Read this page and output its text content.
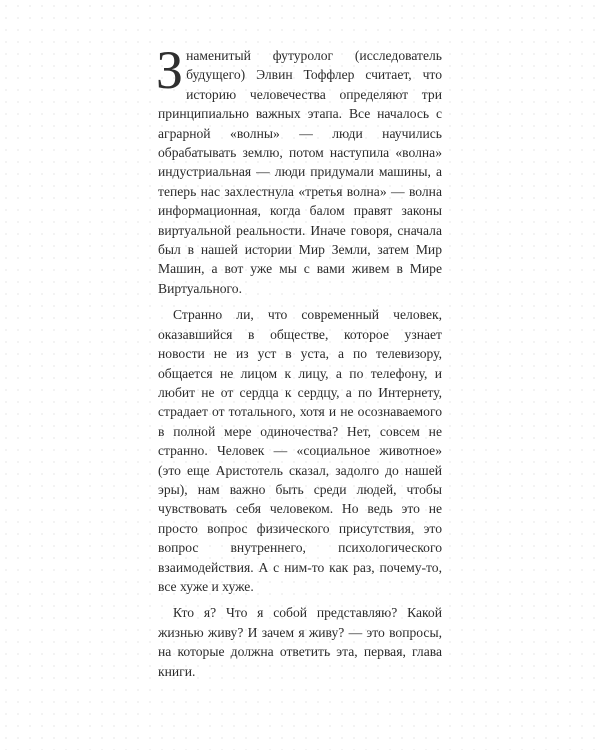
Знаменитый футуролог (исследователь будущего) Элвин Тоффлер считает, что историю человечества определяют три принципиально важных этапа. Все началось с аграрной «волны» — люди научились обрабатывать землю, потом наступила «волна» индустриальная — люди придумали машины, а теперь нас захлестнула «третья волна» — волна информационная, когда балом правят законы виртуальной реальности. Иначе говоря, сначала был в нашей истории Мир Земли, затем Мир Машин, а вот уже мы с вами живем в Мире Виртуального.

Странно ли, что современный человек, оказавшийся в обществе, которое узнает новости не из уст в уста, а по телевизору, общается не лицом к лицу, а по телефону, и любит не от сердца к сердцу, а по Интернету, страдает от тотального, хотя и не осознаваемого в полной мере одиночества? Нет, совсем не странно. Человек — «социальное животное» (это еще Аристотель сказал, задолго до нашей эры), нам важно быть среди людей, чтобы чувствовать себя человеком. Но ведь это не просто вопрос физического присутствия, это вопрос внутреннего, психологического взаимодействия. А с ним-то как раз, почему-то, все хуже и хуже.

Кто я? Что я собой представляю? Какой жизнью живу? И зачем я живу? — это вопросы, на которые должна ответить эта, первая, глава книги.
